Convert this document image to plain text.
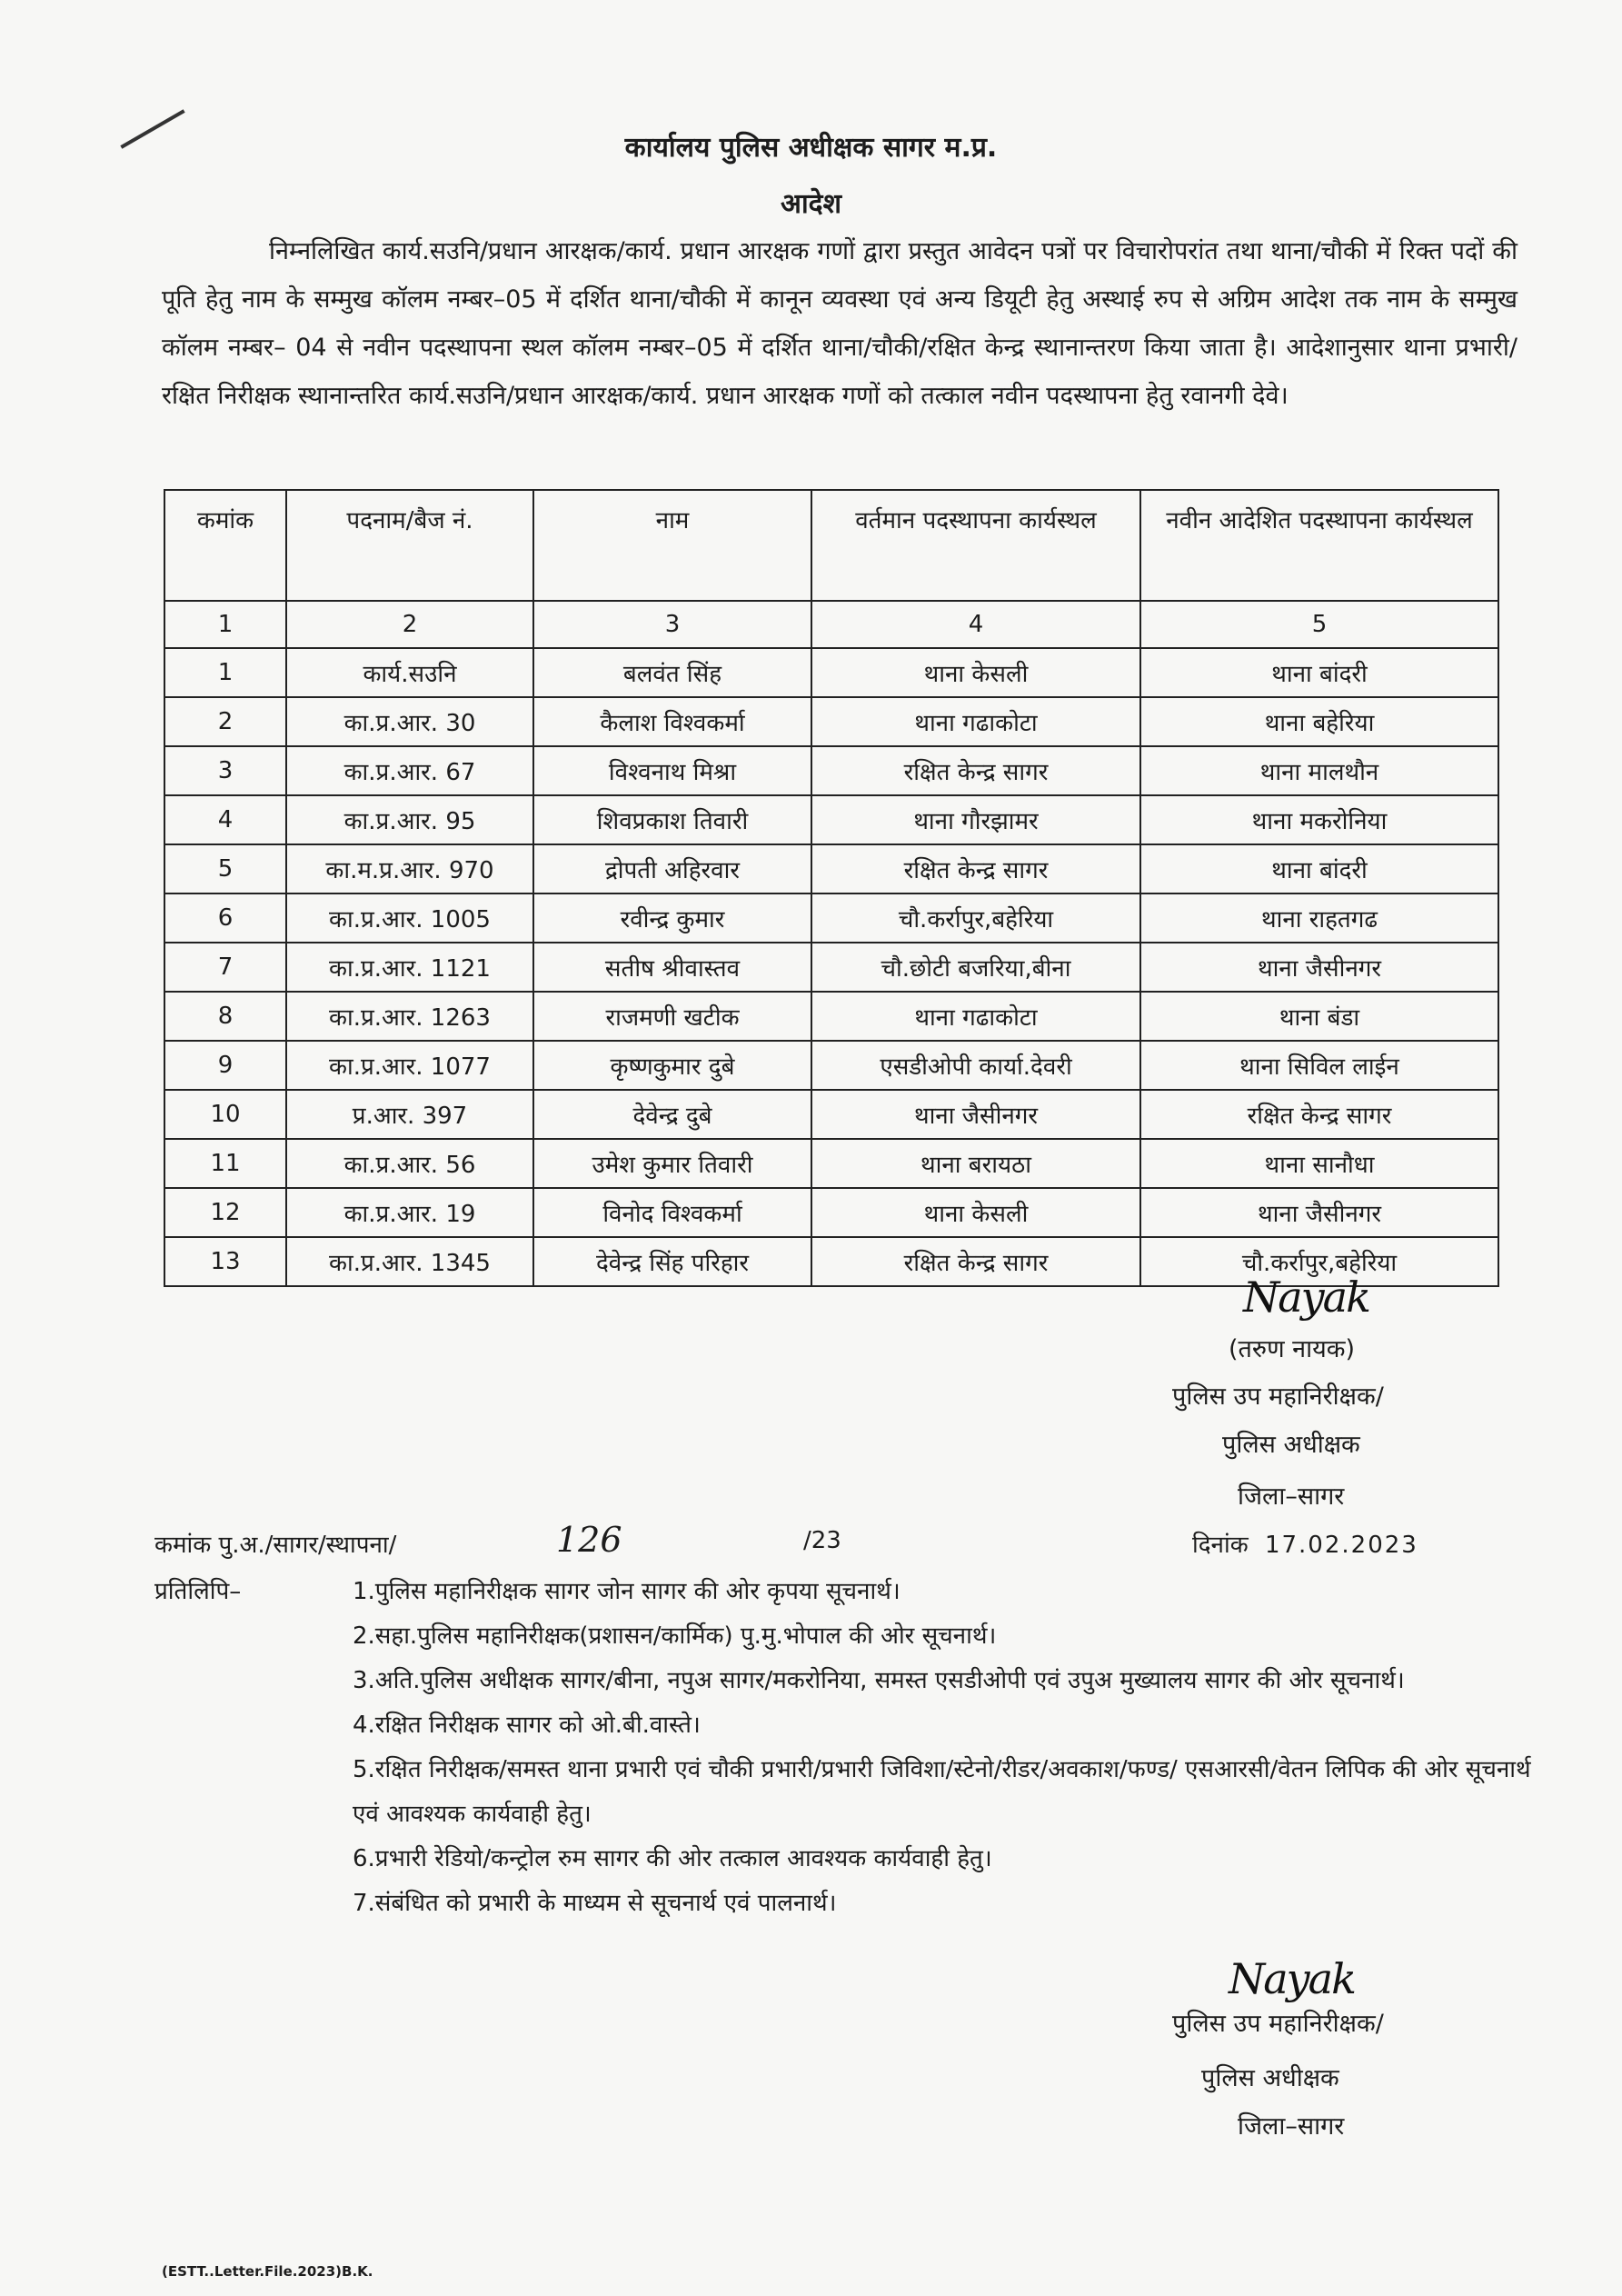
कार्यालय पुलिस अधीक्षक सागर म.प्र.
आदेश
निम्नलिखित कार्य.सउनि/प्रधान आरक्षक/कार्य. प्रधान आरक्षक गणों द्वारा प्रस्तुत आवेदन पत्रों पर विचारोपरांत तथा थाना/चौकी में रिक्त पदों की पूति हेतु नाम के सम्मुख कॉलम नम्बर–05 में दर्शित थाना/चौकी में कानून व्यवस्था एवं अन्य डियूटी हेतु अस्थाई रुप से अग्रिम आदेश तक नाम के सम्मुख कॉलम नम्बर– 04 से नवीन पदस्थापना स्थल कॉलम नम्बर–05 में दर्शित थाना/चौकी/रक्षित केन्द्र स्थानान्तरण किया जाता है। आदेशानुसार थाना प्रभारी/रक्षित निरीक्षक स्थानान्तरित कार्य.सउनि/प्रधान आरक्षक/कार्य. प्रधान आरक्षक गणों को तत्काल नवीन पदस्थापना हेतु रवानगी देवे।
कमांक	पदनाम/बैज नं.	नाम	वर्तमान पदस्थापना कार्यस्थल	नवीन आदेशित पदस्थापना कार्यस्थल
1	2	3	4	5
1	कार्य.सउनि	बलवंत सिंह	थाना केसली	थाना बांदरी
2	का.प्र.आर. 30	कैलाश विश्वकर्मा	थाना गढाकोटा	थाना बहेरिया
3	का.प्र.आर. 67	विश्वनाथ मिश्रा	रक्षित केन्द्र सागर	थाना मालथौन
4	का.प्र.आर. 95	शिवप्रकाश तिवारी	थाना गौरझामर	थाना मकरोनिया
5	का.म.प्र.आर. 970	द्रोपती अहिरवार	रक्षित केन्द्र सागर	थाना बांदरी
6	का.प्र.आर. 1005	रवीन्द्र कुमार	चौ.कर्रापुर,बहेरिया	थाना राहतगढ
7	का.प्र.आर. 1121	सतीष श्रीवास्तव	चौ.छोटी बजरिया,बीना	थाना जैसीनगर
8	का.प्र.आर. 1263	राजमणी खटीक	थाना गढाकोटा	थाना बंडा
9	का.प्र.आर. 1077	कृष्णकुमार दुबे	एसडीओपी कार्या.देवरी	थाना सिविल लाईन
10	प्र.आर. 397	देवेन्द्र दुबे	थाना जैसीनगर	रक्षित केन्द्र सागर
11	का.प्र.आर. 56	उमेश कुमार तिवारी	थाना बरायठा	थाना सानौधा
12	का.प्र.आर. 19	विनोद विश्वकर्मा	थाना केसली	थाना जैसीनगर
13	का.प्र.आर. 1345	देवेन्द्र सिंह परिहार	रक्षित केन्द्र सागर	चौ.कर्रापुर,बहेरिया
Nayak
(तरुण नायक)
पुलिस उप महानिरीक्षक/
पुलिस अधीक्षक
जिला–सागर
कमांक पु.अ./सागर/स्थापना/	126	/23	दिनांक 17.02.2023
प्रतिलिपि–	1.पुलिस महानिरीक्षक सागर जोन सागर की ओर कृपया सूचनार्थ।
2.सहा.पुलिस महानिरीक्षक(प्रशासन/कार्मिक) पु.मु.भोपाल की ओर सूचनार्थ।
3.अति.पुलिस अधीक्षक सागर/बीना, नपुअ सागर/मकरोनिया, समस्त एसडीओपी एवं उपुअ मुख्यालय सागर की ओर सूचनार्थ।
4.रक्षित निरीक्षक सागर को ओ.बी.वास्ते।
5.रक्षित निरीक्षक/समस्त थाना प्रभारी एवं चौकी प्रभारी/प्रभारी जिविशा/स्टेनो/रीडर/अवकाश/फण्ड/ एसआरसी/वेतन लिपिक की ओर सूचनार्थ एवं आवश्यक कार्यवाही हेतु।
6.प्रभारी रेडियो/कन्ट्रोल रुम सागर की ओर तत्काल आवश्यक कार्यवाही हेतु।
7.संबंधित को प्रभारी के माध्यम से सूचनार्थ एवं पालनार्थ।
Nayak
पुलिस उप महानिरीक्षक/
पुलिस अधीक्षक
जिला–सागर
(ESTT..Letter.File.2023)B.K.
